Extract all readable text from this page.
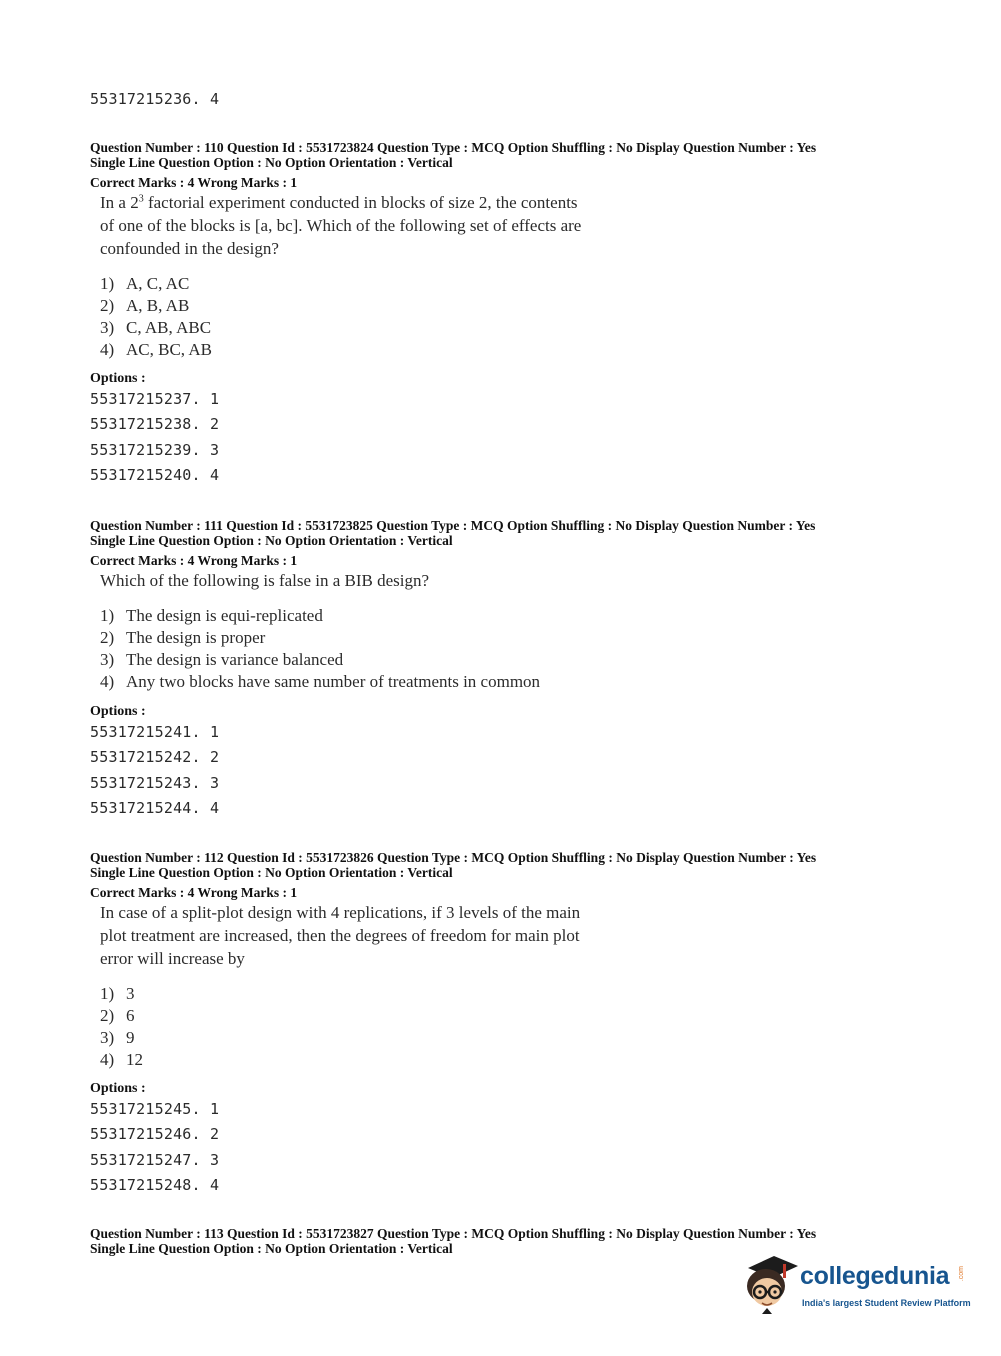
55317215236. 4
Question Number : 110 Question Id : 5531723824 Question Type : MCQ Option Shuffling : No Display Question Number : Yes
Single Line Question Option : No Option Orientation : Vertical
Correct Marks : 4 Wrong Marks : 1
In a $2^3$ factorial experiment conducted in blocks of size 2, the contents
of one of the blocks is [a, bc]. Which of the following set of effects are
confounded in the design?
1) A, C, AC
2) A, B, AB
3) C, AB, ABC
4) AC, BC, AB
Options :
55317215237. 1
55317215238. 2
55317215239. 3
55317215240. 4
Question Number : 111 Question Id : 5531723825 Question Type : MCQ Option Shuffling : No Display Question Number : Yes
Single Line Question Option : No Option Orientation : Vertical
Correct Marks : 4 Wrong Marks : 1
Which of the following is false in a BIB design?
1) The design is equi-replicated
2) The design is proper
3) The design is variance balanced
4) Any two blocks have same number of treatments in common
Options :
55317215241. 1
55317215242. 2
55317215243. 3
55317215244. 4
Question Number : 112 Question Id : 5531723826 Question Type : MCQ Option Shuffling : No Display Question Number : Yes
Single Line Question Option : No Option Orientation : Vertical
Correct Marks : 4 Wrong Marks : 1
In case of a split-plot design with 4 replications, if 3 levels of the main
plot treatment are increased, then the degrees of freedom for main plot
error will increase by
1) 3
2) 6
3) 9
4) 12
Options :
55317215245. 1
55317215246. 2
55317215247. 3
55317215248. 4
Question Number : 113 Question Id : 5531723827 Question Type : MCQ Option Shuffling : No Display Question Number : Yes
Single Line Question Option : No Option Orientation : Vertical
collegedunia .com
India's largest Student Review Platform
